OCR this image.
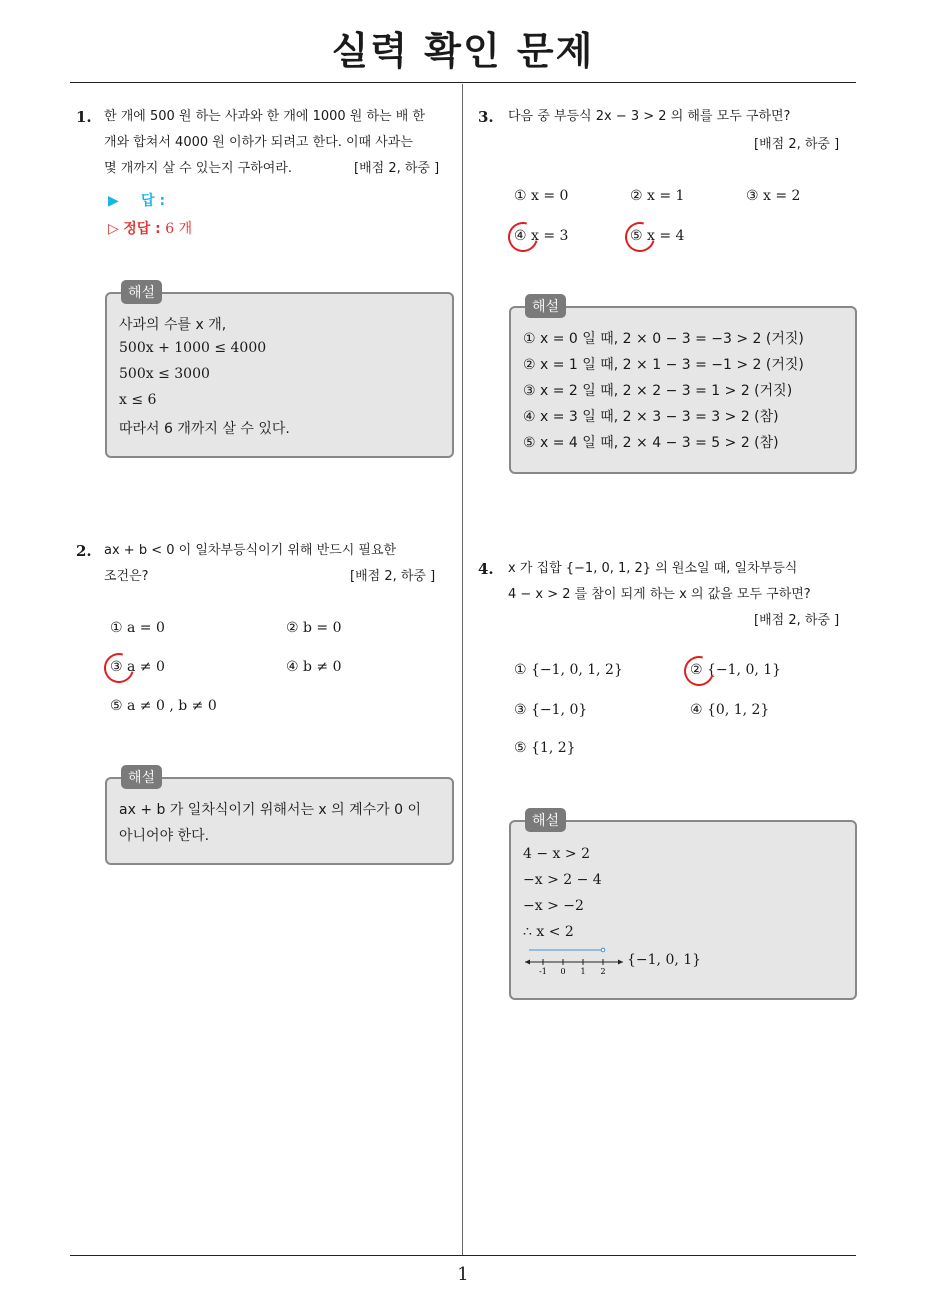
실력 확인 문제
1. 한 개에 500 원 하는 사과와 한 개에 1000 원 하는 배 한
개와 합쳐서 4000 원 이하가 되려고 한다. 이때 사과는
몇 개까지 살 수 있는지 구하여라.	[배점 2, 하중 ]
▶ 답 :
▷ 정답 : 6 개
해설
사과의 수를 x 개,
500x + 1000 ≤ 4000
500x ≤ 3000
x ≤ 6
따라서 6 개까지 살 수 있다.
2. ax + b < 0 이 일차부등식이기 위해 반드시 필요한
조건은?	[배점 2, 하중 ]
① a = 0	② b = 0
③ a ≠ 0	④ b ≠ 0
⑤ a ≠ 0 , b ≠ 0
해설
ax + b 가 일차식이기 위해서는 x 의 계수가 0 이
아니어야 한다.
3. 다음 중 부등식 2x − 3 > 2 의 해를 모두 구하면?
[배점 2, 하중 ]
① x = 0	② x = 1	③ x = 2
④ x = 3	⑤ x = 4
해설
① x = 0 일 때, 2 × 0 − 3 = −3 > 2 (거짓)
② x = 1 일 때, 2 × 1 − 3 = −1 > 2 (거짓)
③ x = 2 일 때, 2 × 2 − 3 = 1 > 2 (거짓)
④ x = 3 일 때, 2 × 3 − 3 = 3 > 2 (참)
⑤ x = 4 일 때, 2 × 4 − 3 = 5 > 2 (참)
4. x 가 집합 {−1, 0, 1, 2} 의 원소일 때, 일차부등식
4 − x > 2 를 참이 되게 하는 x 의 값을 모두 구하면?
[배점 2, 하중 ]
① {−1, 0, 1, 2}	② {−1, 0, 1}
③ {−1, 0}	④ {0, 1, 2}
⑤ {1, 2}
해설
4 − x > 2
−x > 2 − 4
−x > −2
∴ x < 2
-1 0 1 2
{−1, 0, 1}
1
